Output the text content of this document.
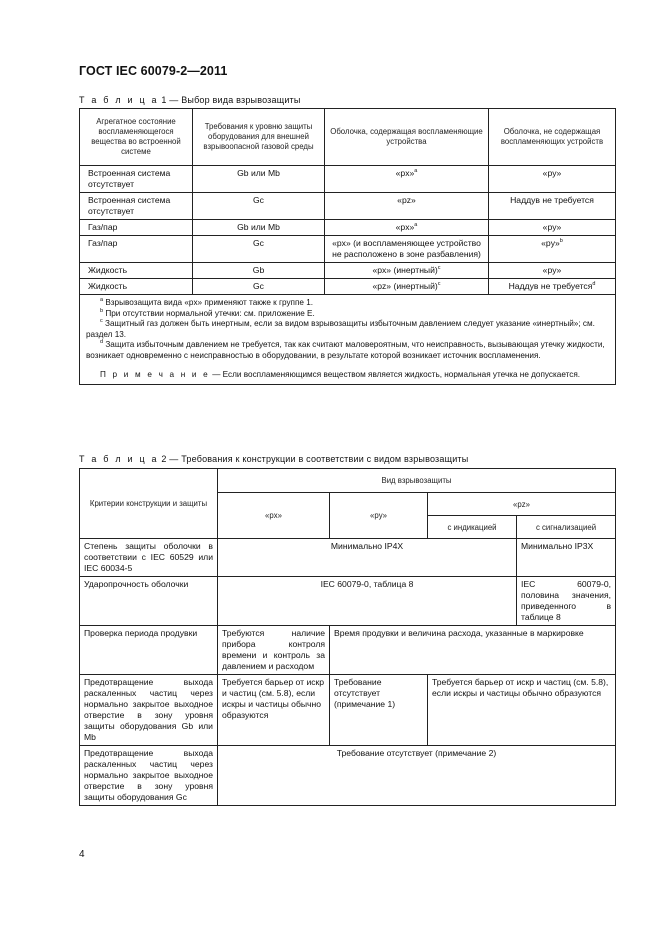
ГОСТ IEC 60079-2—2011
Т а б л и ц а 1 — Выбор вида взрывозащиты
Агрегатное состояние воспламеняющегося вещества во встроенной системе	Требования к уровню защиты оборудования для внешней взрывоопасной газовой среды	Оболочка, содержащая воспламеняющие устройства	Оболочка, не содержащая воспламеняющих устройств
Встроенная система отсутствует	Gb или Mb	«px»$^a$	«py»
Встроенная система отсутствует	Gc	«pz»	Наддув не требуется
Газ/пар	Gb или Mb	«px»$^a$	«py»
Газ/пар	Gc	«px» (и воспламеняющее устройство не расположено в зоне разбавления)	«py»$^b$
Жидкость	Gb	«px» (инертный)$^c$	«py»
Жидкость	Gc	«pz» (инертный)$^c$	Наддув не требуется$^d$

$^a$ Взрывозащита вида «px» применяют также к группе 1.

$^b$ При отсутствии нормальной утечки: см. приложение Е.

$^c$ Защитный газ должен быть инертным, если за видом взрывозащиты избыточным давлением следует указание «инертный»; см. раздел 13.

$^d$ Защита избыточным давлением не требуется, так как считают маловероятным, что неисправность, вызывающая утечку жидкости, возникает одновременно с неисправностью в оборудовании, в результате которой возникает источник воспламенения.

П р и м е ч а н и е — Если воспламеняющимся веществом является жидкость, нормальная утечка не допускается.			

Т а б л и ц а 2 — Требования к конструкции в соответствии с видом взрывозащиты
Критерии конструкции и защиты	Вид взрывозащиты			
	«px»	«py»	«pz»	
			с индикацией	с сигнализацией
Степень защиты оболочки в соответствии с IEC 60529 или IEC 60034-5	Минимально IP4X			Минимально IP3X
Ударопрочность оболочки	IEC 60079-0, таблица 8			IEC 60079-0, половина значения, приведенного в таблице 8
Проверка периода продувки	Требуются наличие прибора контроля времени и контроль за давлением и расходом	Время продувки и величина расхода, указанные в маркировке		
Предотвращение выхода раскаленных частиц через нормально закрытое выходное отверстие в зону уровня защиты оборудования Gb или Mb	Требуется барьер от искр и частиц (см. 5.8), если искры и частицы обычно образуются	Требование отсутствует (примечание 1)	Требуется барьер от искр и частиц (см. 5.8), если искры и частицы обычно образуются	
Предотвращение выхода раскаленных частиц через нормально закрытое выходное отверстие в зону уровня защиты оборудования Gc	Требование отсутствует (примечание 2)			
4
